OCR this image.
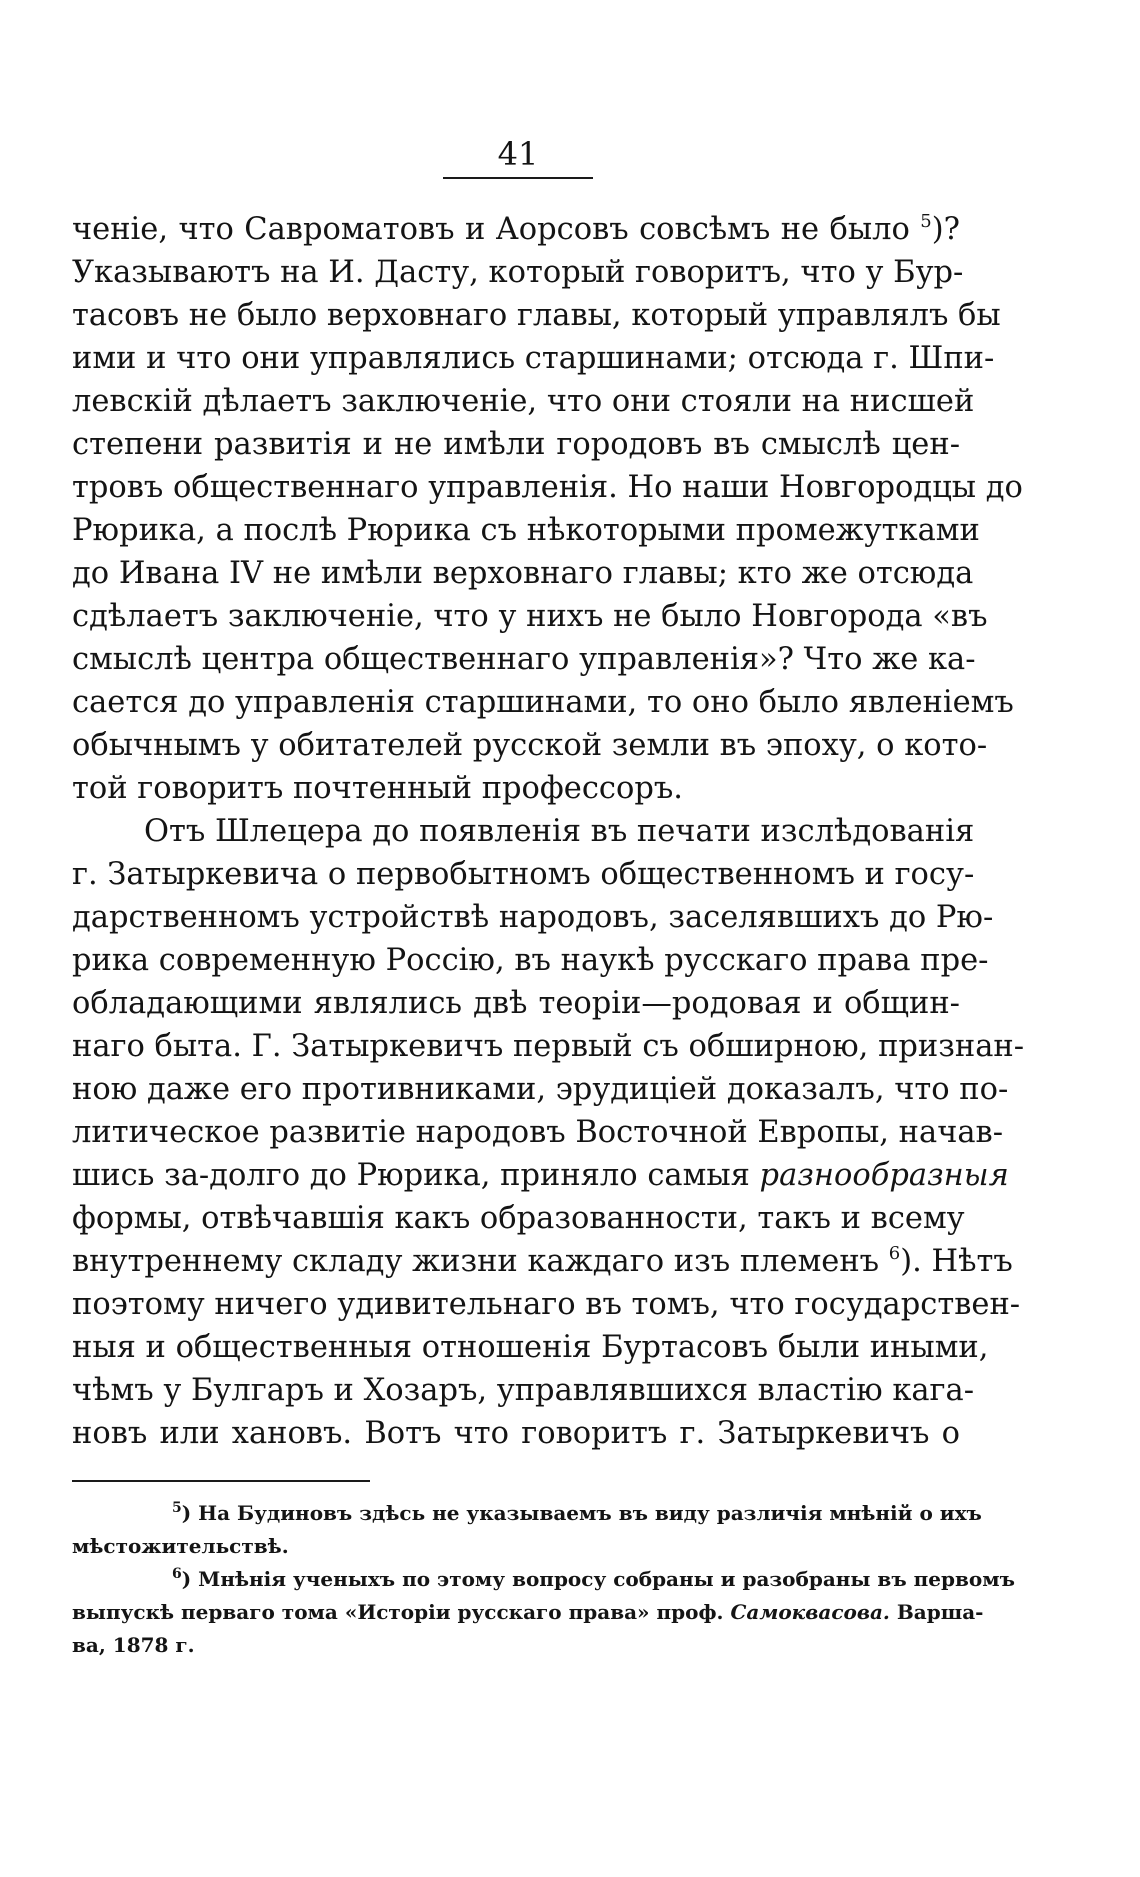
41
ченіе, что Савроматовъ и Аорсовъ совсѣмъ не было $^5$)?
Указываютъ на И. Дасту, который говоритъ, что у Бур-
тасовъ не было верховнаго главы, который управлялъ бы
ими и что они управлялись старшинами; отсюда г. Шпи-
левскій дѣлаетъ заключеніе, что они стояли на нисшей
степени развитія и не имѣли городовъ въ смыслѣ цен-
тровъ общественнаго управленія. Но наши Новгородцы до
Рюрика, а послѣ Рюрика съ нѣкоторыми промежутками
до Ивана IV не имѣли верховнаго главы; кто же отсюда
сдѣлаетъ заключеніе, что у нихъ не было Новгорода «въ
смыслѣ центра общественнаго управленія»? Что же ка-
сается до управленія старшинами, то оно было явленіемъ
обычнымъ у обитателей русской земли въ эпоху, о кото-
той говоритъ почтенный профессоръ.
Отъ Шлецера до появленія въ печати изслѣдованія
г. Затыркевича о первобытномъ общественномъ и госу-
дарственномъ устройствѣ народовъ, заселявшихъ до Рю-
рика современную Россію, въ наукѣ русскаго права пре-
обладающими являлись двѣ теоріи—родовая и общин-
наго быта. Г. Затыркевичъ первый съ обширною, признан-
ною даже его противниками, эрудиціей доказалъ, что по-
литическое развитіе народовъ Восточной Европы, начав-
шись за-долго до Рюрика, приняло самыя разнообразныя
формы, отвѣчавшія какъ образованности, такъ и всему
внутреннему складу жизни каждаго изъ племенъ $^6$). Нѣтъ
поэтому ничего удивительнаго въ томъ, что государствен-
ныя и общественныя отношенія Буртасовъ были иными,
чѣмъ у Булгаръ и Хозаръ, управлявшихся властію кага-
новъ или хановъ. Вотъ что говоритъ г. Затыркевичъ о
$^5$) На Будиновъ здѣсь не указываемъ въ виду различія мнѣній о ихъ
мѣстожительствѣ.
$^6$) Мнѣнія ученыхъ по этому вопросу собраны и разобраны въ первомъ
выпускѣ перваго тома «Исторіи русскаго права» проф. Самоквасова. Варша-
ва, 1878 г.
